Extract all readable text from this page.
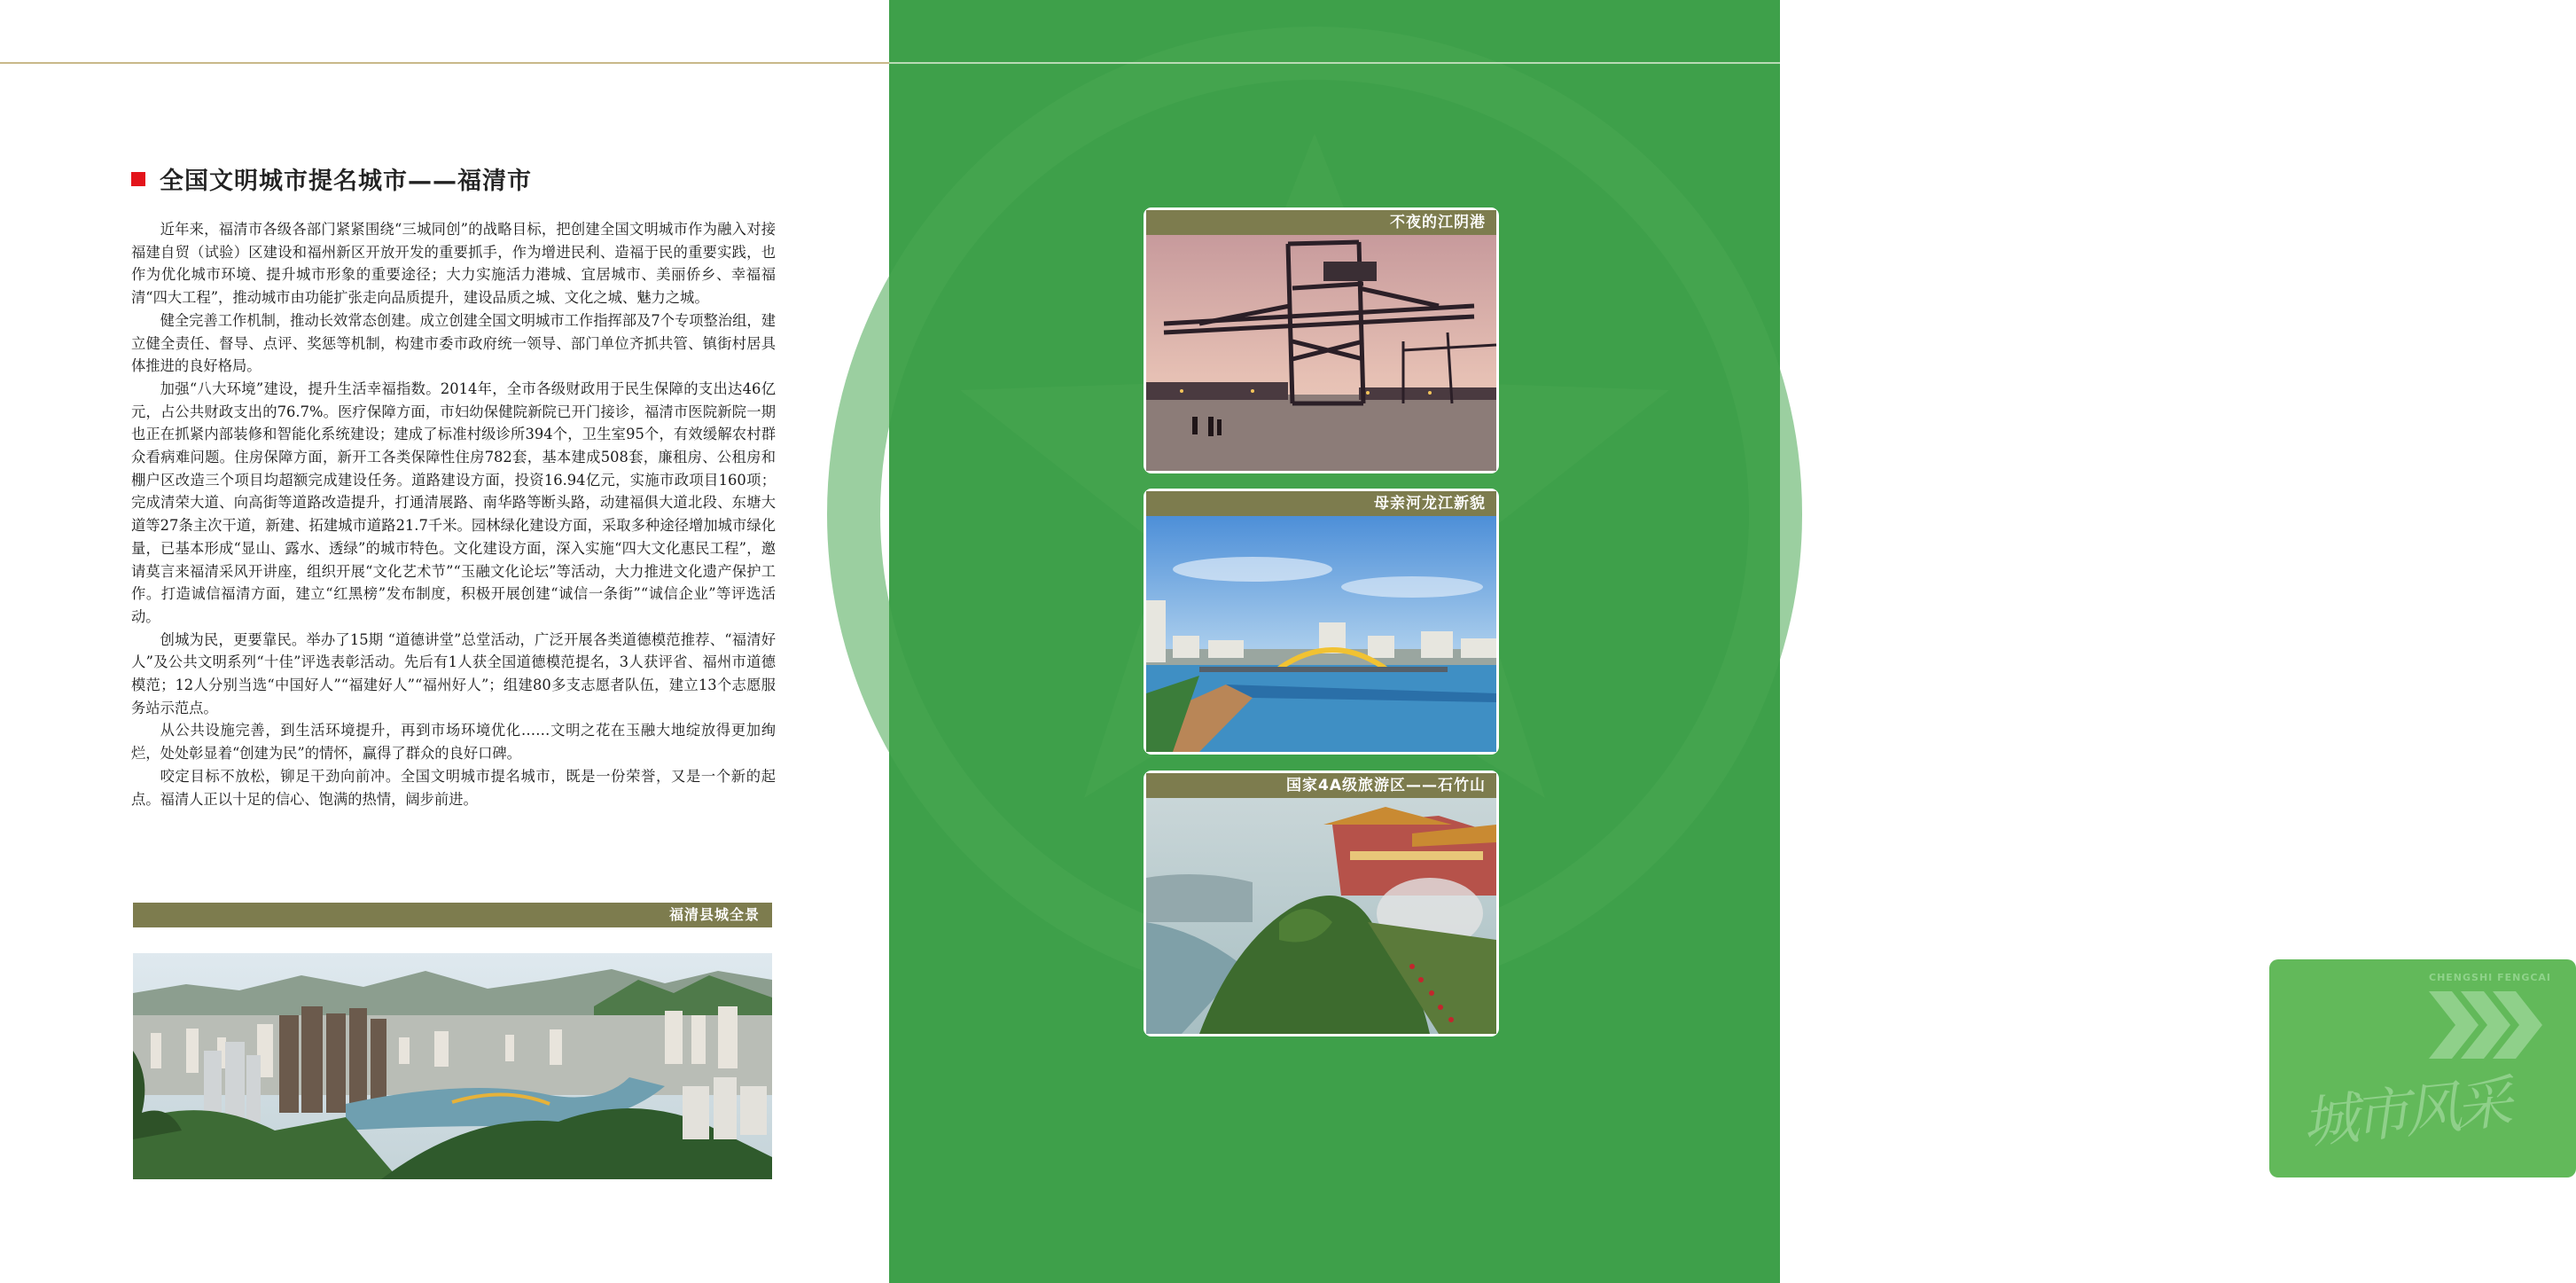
全国文明城市提名城市——福清市

近年来，福清市各级各部门紧紧围绕“三城同创”的战略目标，把创建全国文明城市作为融入对接福建自贸（试验）区建设和福州新区开放开发的重要抓手，作为增进民利、造福于民的重要实践，也作为优化城市环境、提升城市形象的重要途径；大力实施活力港城、宜居城市、美丽侨乡、幸福福清“四大工程”，推动城市由功能扩张走向品质提升，建设品质之城、文化之城、魅力之城。

健全完善工作机制，推动长效常态创建。成立创建全国文明城市工作指挥部及7个专项整治组，建立健全责任、督导、点评、奖惩等机制，构建市委市政府统一领导、部门单位齐抓共管、镇街村居具体推进的良好格局。

加强“八大环境”建设，提升生活幸福指数。2014年，全市各级财政用于民生保障的支出达46亿元，占公共财政支出的76.7%。医疗保障方面，市妇幼保健院新院已开门接诊，福清市医院新院一期也正在抓紧内部装修和智能化系统建设；建成了标准村级诊所394个，卫生室95个，有效缓解农村群众看病难问题。住房保障方面，新开工各类保障性住房782套，基本建成508套，廉租房、公租房和棚户区改造三个项目均超额完成建设任务。道路建设方面，投资16.94亿元，实施市政项目160项；完成清荣大道、向高街等道路改造提升，打通清展路、南华路等断头路，动建福俱大道北段、东塘大道等27条主次干道，新建、拓建城市道路21.7千米。园林绿化建设方面，采取多种途径增加城市绿化量，已基本形成“显山、露水、透绿”的城市特色。文化建设方面，深入实施“四大文化惠民工程”，邀请莫言来福清采风开讲座，组织开展“文化艺术节”“玉融文化论坛”等活动，大力推进文化遗产保护工作。打造诚信福清方面，建立“红黑榜”发布制度，积极开展创建“诚信一条街”“诚信企业”等评选活动。

创城为民，更要靠民。举办了15期 “道德讲堂”总堂活动，广泛开展各类道德模范推荐、“福清好人”及公共文明系列“十佳”评选表彰活动。先后有1人获全国道德模范提名，3人获评省、福州市道德模范；12人分别当选“中国好人”“福建好人”“福州好人”；组建80多支志愿者队伍，建立13个志愿服务站示范点。

从公共设施完善，到生活环境提升，再到市场环境优化……文明之花在玉融大地绽放得更加绚烂，处处彰显着“创建为民”的情怀，赢得了群众的良好口碑。

咬定目标不放松，铆足干劲向前冲。全国文明城市提名城市，既是一份荣誉，又是一个新的起点。福清人正以十足的信心、饱满的热情，阔步前进。

福清县城全景
CHENGSHI FENGCAI
城市风采
不夜的江阴港
母亲河龙江新貌
国家4A级旅游区——石竹山
